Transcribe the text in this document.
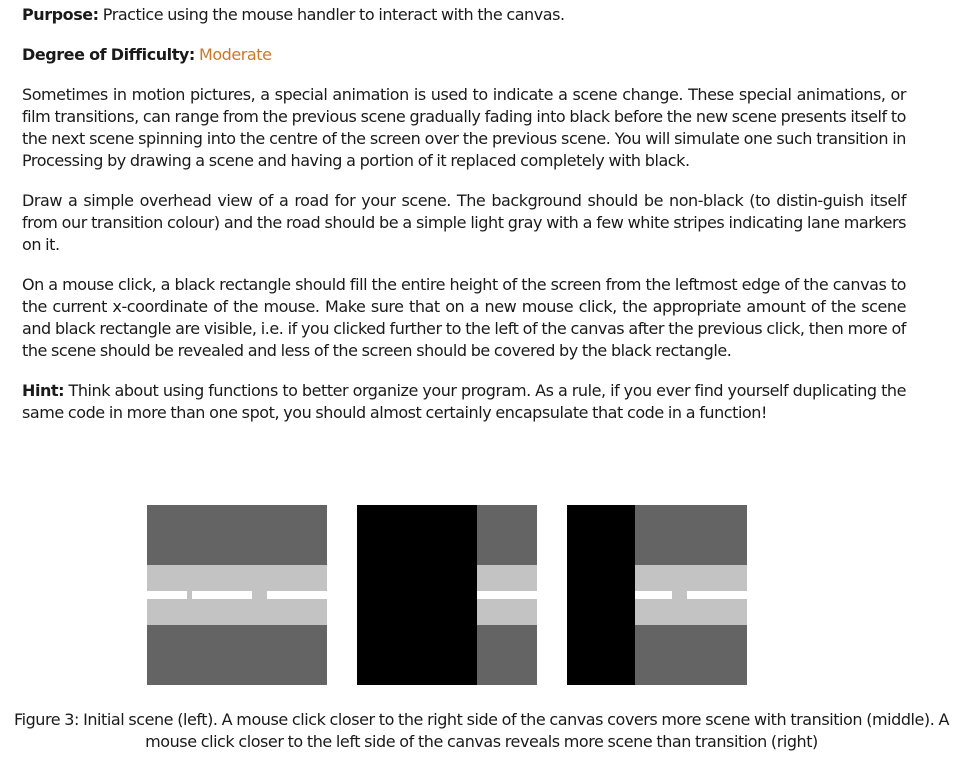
Purpose: Practice using the mouse handler to interact with the canvas.

Degree of Difficulty: Moderate

Sometimes in motion pictures, a special animation is used to indicate a scene change. These special animations, or film transitions, can range from the previous scene gradually fading into black before the new scene presents itself to the next scene spinning into the centre of the screen over the previous scene. You will simulate one such transition in Processing by drawing a scene and having a portion of it replaced completely with black.

Draw a simple overhead view of a road for your scene. The background should be non-black (to distin-guish itself from our transition colour) and the road should be a simple light gray with a few white stripes indicating lane markers on it.

On a mouse click, a black rectangle should fill the entire height of the screen from the leftmost edge of the canvas to the current x-coordinate of the mouse. Make sure that on a new mouse click, the appropriate amount of the scene and black rectangle are visible, i.e. if you clicked further to the left of the canvas after the previous click, then more of the scene should be revealed and less of the screen should be covered by the black rectangle.

Hint: Think about using functions to better organize your program. As a rule, if you ever find yourself duplicating the same code in more than one spot, you should almost certainly encapsulate that code in a function!

Figure 3: Initial scene (left). A mouse click closer to the right side of the canvas covers more scene with transition (middle). A mouse click closer to the left side of the canvas reveals more scene than transition (right)
